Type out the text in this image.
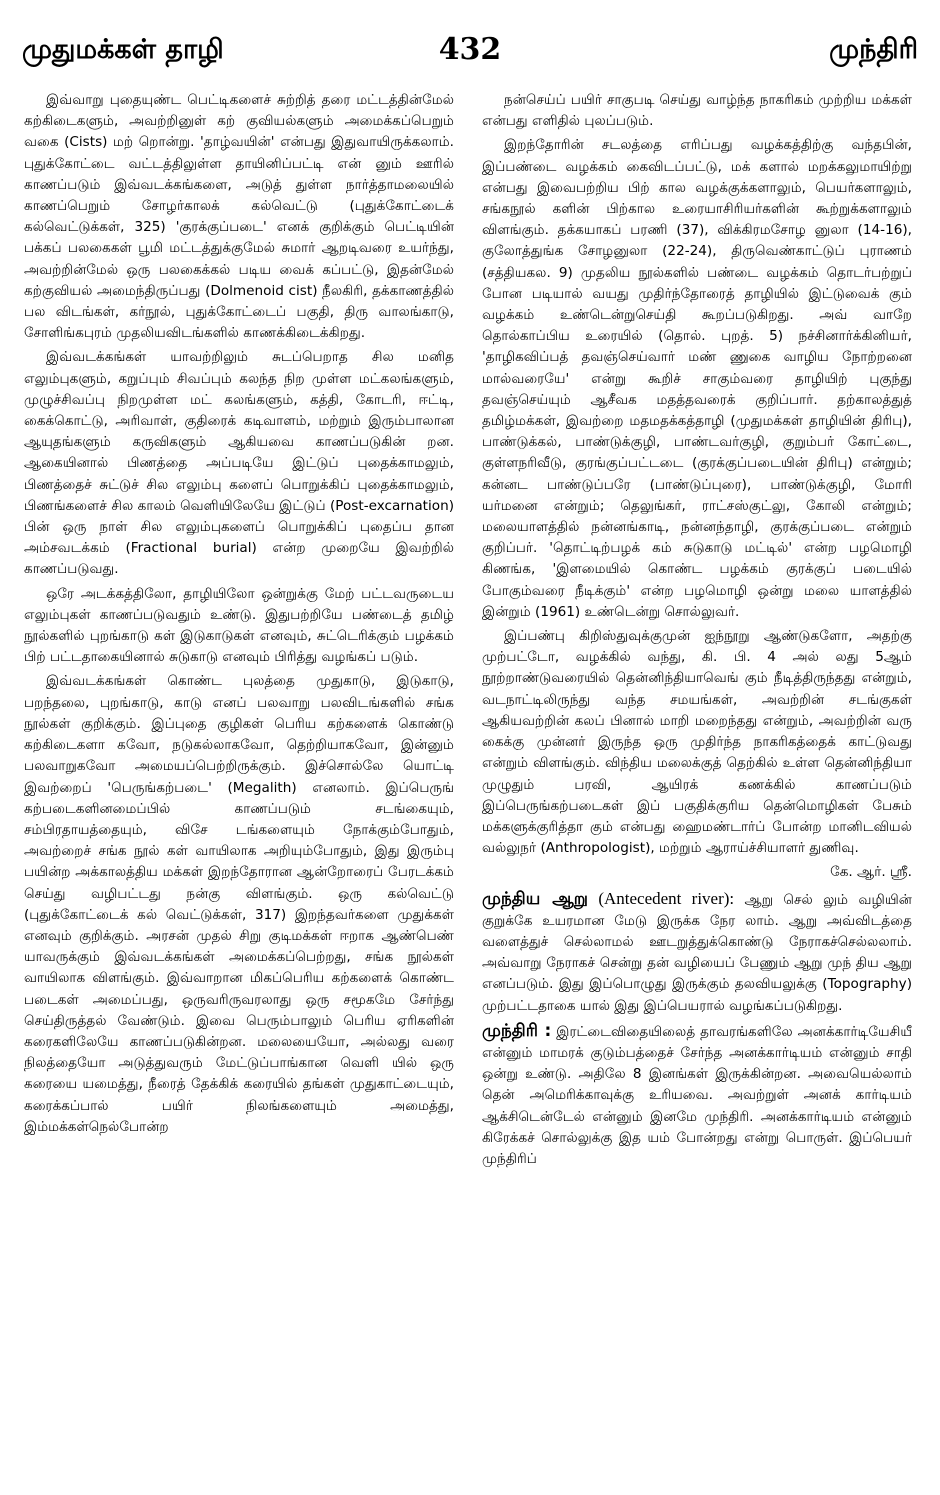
முதுமக்கள் தாழி	432	முந்திரி

இவ்வாறு புதையுண்ட பெட்டிகளைச் சுற்றித் தரை மட்டத்தின்மேல் கற்கிடைகளும், அவற்றினுள் கற் குவியல்களும் அமைக்கப்பெறும் வகை (Cists) மற் றொன்று. 'தாழ்வயின்' என்பது இதுவாயிருக்கலாம். புதுக்கோட்டை வட்டத்திலுள்ள தாயினிப்பட்டி என் னும் ஊரில் காணப்படும் இவ்வடக்கங்களை, அடுத் துள்ள நார்த்தாமலையில் காணப்பெறும் சோழர்காலக் கல்வெட்டு (புதுக்கோட்டைக் கல்வெட்டுக்கள், 325) 'குரக்குப்படை' எனக் குறிக்கும் பெட்டியின் பக்கப் பலகைகள் பூமி மட்டத்துக்குமேல் சுமார் ஆறடிவரை உயர்ந்து, அவற்றின்மேல் ஒரு பலகைக்கல் படிய வைக் கப்பட்டு, இதன்மேல் கற்குவியல் அமைந்திருப்பது (Dolmenoid cist) நீலகிரி, தக்காணத்தில் பல விடங்கள், கர்நூல், புதுக்கோட்டைப் பகுதி, திரு வாலங்காடு, சோளிங்கபுரம் முதலியவிடங்களில் காணக்கிடைக்கிறது.

இவ்வடக்கங்கள் யாவற்றிலும் சுடப்பெறாத சில மனித எலும்புகளும், கறுப்பும் சிவப்பும் கலந்த நிற முள்ள மட்கலங்களும், முழுச்சிவப்பு நிறமுள்ள மட் கலங்களும், கத்தி, கோடரி, ஈட்டி, கைக்கொட்டு, அரிவாள், குதிரைக் கடிவாளம், மற்றும் இரும்பாலான ஆயுதங்களும் கருவிகளும் ஆகியவை காணப்படுகின் றன. ஆகையினால் பிணத்தை அப்படியே இட்டுப் புதைக்காமலும், பிணத்தைச் சுட்டுச் சில எலும்பு களைப் பொறுக்கிப் புதைக்காமலும், பிணங்களைச் சில காலம் வெளியிலேயே இட்டுப் (Post-excarnation) பின் ஒரு நாள் சில எலும்புகளைப் பொறுக்கிப் புதைப்ப தான அம்சவடக்கம் (Fractional burial) என்ற முறையே இவற்றில் காணப்படுவது.

ஒரே அடக்கத்திலோ, தாழியிலோ ஒன்றுக்கு மேற் பட்டவருடைய எலும்புகள் காணப்படுவதும் உண்டு. இதுபற்றியே பண்டைத் தமிழ் நூல்களில் புறங்காடு கள் இடுகாடுகள் எனவும், சுட்டெரிக்கும் பழக்கம் பிற் பட்டதாகையினால் சுடுகாடு எனவும் பிரித்து வழங்கப் படும்.

இவ்வடக்கங்கள் கொண்ட புலத்தை முதுகாடு, இடுகாடு, பறந்தலை, புறங்காடு, காடு எனப் பலவாறு பலவிடங்களில் சங்க நூல்கள் குறிக்கும். இப்புதை குழிகள் பெரிய கற்களைக் கொண்டு கற்கிடைகளா கவோ, நடுகல்லாகவோ, தெற்றியாகவோ, இன்னும் பலவாறுகவோ அமையப்பெற்றிருக்கும். இச்சொல்லே யொட்டி இவற்றைப் 'பெருங்கற்படை' (Megalith) எனலாம். இப்பெருங் கற்படைகளினமைப்பில் காணப்படும் சடங்கையும், சம்பிரதாயத்தையும், விசே டங்களையும் நோக்கும்போதும், அவற்றைச் சங்க நூல் கள் வாயிலாக அறியும்போதும், இது இரும்பு பயின்ற அக்காலத்திய மக்கள் இறந்தோரான ஆன்றோரைப் பேரடக்கம் செய்து வழிபட்டது நன்கு விளங்கும். ஒரு கல்வெட்டு (புதுக்கோட்டைக் கல் வெட்டுக்கள், 317) இறந்தவர்களை முதுக்கள் எனவும் குறிக்கும். அரசன் முதல் சிறு குடிமக்கள் ஈறாக ஆண்பெண் யாவருக்கும் இவ்வடக்கங்கள் அமைக்கப்பெற்றது, சங்க நூல்கள் வாயிலாக விளங்கும். இவ்வாறான மிகப்பெரிய கற்களைக் கொண்ட படைகள் அமைப்பது, ஒருவரிருவரலாது ஒரு சமூகமே சேர்ந்து செய்திருத்தல் வேண்டும். இவை பெரும்பாலும் பெரிய ஏரிகளின் கரைகளிலேயே காணப்படுகின்றன. மலையையோ, அல்லது வரை நிலத்தையோ அடுத்துவரும் மேட்டுப்பாங்கான வெளி யில் ஒரு கரையை யமைத்து, நீரைத் தேக்கிக் கரையில் தங்கள் முதுகாட்டையும், கரைக்கப்பால் பயிர் நிலங்களையும் அமைத்து, இம்மக்கள்நெல்போன்ற

நன்செய்ப் பயிர் சாகுபடி செய்து வாழ்ந்த நாகரிகம் முற்றிய மக்கள் என்பது எளிதில் புலப்படும்.

இறந்தோரின் சடலத்தை எரிப்பது வழக்கத்திற்கு வந்தபின், இப்பண்டை வழக்கம் கைவிடப்பட்டு, மக் களால் மறக்கலுமாயிற்று என்பது இவைபற்றிய பிற் கால வழக்குக்களாலும், பெயர்களாலும், சங்கநூல் களின் பிற்கால உரையாசிரியர்களின் கூற்றுக்களாலும் விளங்கும். தக்கயாகப் பரணி (37), விக்கிரமசோழ னுலா (14-16), குலோத்துங்க சோழனுலா (22-24), திருவெண்காட்டுப் புராணம் (சத்தியகல. 9) முதலிய நூல்களில் பண்டை வழக்கம் தொடர்பற்றுப் போன படியால் வயது முதிர்ந்தோரைத் தாழியில் இட்டுவைக் கும் வழக்கம் உண்டென்றுசெய்தி கூறப்படுகிறது. அவ் வாறே தொல்காப்பிய உரையில் (தொல். புறத். 5) நச்சினார்க்கினியர், 'தாழிகவிப்பத் தவஞ்செய்வார் மண் ணுகை வாழிய நோற்றனை மால்வரையே' என்று கூறிச் சாகும்வரை தாழியிற் புகுந்து தவஞ்செய்யும் ஆசீவக மதத்தவரைக் குறிப்பார். தற்காலத்துத் தமிழ்மக்கள், இவற்றை மதமதக்கத்தாழி (முதுமக்கள் தாழியின் திரிபு), பாண்டுக்கல், பாண்டுக்குழி, பாண்டவர்குழி, குறும்பர் கோட்டை, குள்ளநரிவீடு, குரங்குப்பட்டடை (குரக்குப்படையின் திரிபு) என்றும்; கன்னட பாண்டுப்பரே (பாண்டுப்புரை), பாண்டுக்குழி, மோரி யர்மனை என்றும்; தெலுங்கர், ராட்சஸ்குட்லு, கோலி என்றும்; மலையாளத்தில் நன்னங்காடி, நன்னந்தாழி, குரக்குப்படை என்றும் குறிப்பர். 'தொட்டிற்பழக் கம் சுடுகாடு மட்டில்' என்ற பழமொழி கிணங்க, 'இளமையில் கொண்ட பழக்கம் குரக்குப் படையில் போகும்வரை நீடிக்கும்' என்ற பழமொழி ஒன்று மலை யாளத்தில் இன்றும் (1961) உண்டென்று சொல்லுவர்.

இப்பண்பு கிறிஸ்துவுக்குமுன் ஐந்நூறு ஆண்டுகளோ, அதற்கு முற்பட்டோ, வழக்கில் வந்து, கி. பி. 4 அல் லது 5ஆம் நூற்றாண்டுவரையில் தென்னிந்தியாவெங் கும் நீடித்திருந்தது என்றும், வடநாட்டிலிருந்து வந்த சமயங்கள், அவற்றின் சடங்குகள் ஆகியவற்றின் கலப் பினால் மாறி மறைந்தது என்றும், அவற்றின் வரு கைக்கு முன்னர் இருந்த ஒரு முதிர்ந்த நாகரிகத்தைக் காட்டுவது என்றும் விளங்கும். விந்திய மலைக்குத் தெற்கில் உள்ள தென்னிந்தியா முழுதும் பரவி, ஆயிரக் கணக்கில் காணப்படும் இப்பெருங்கற்படைகள் இப் பகுதிக்குரிய தென்மொழிகள் பேசும் மக்களுக்குரித்தா கும் என்பது ஹைமண்டார்ப் போன்ற மானிடவியல் வல்லுநர் (Anthropologist), மற்றும் ஆராய்ச்சியாளர் துணிவு.

கே. ஆர். ஸ்ரீ.

முந்திய ஆறு (Antecedent river): ஆறு செல் லும் வழியின் குறுக்கே உயரமான மேடு இருக்க நேர லாம். ஆறு அவ்விடத்தை வளைத்துச் செல்லாமல் ஊடறுத்துக்கொண்டு நேராகச்செல்லலாம். அவ்வாறு நேராகச் சென்று தன் வழியைப் பேணும் ஆறு முந் திய ஆறு எனப்படும். இது இப்பொழுது இருக்கும் தலவியலுக்கு (Topography) முற்பட்டதாகை யால் இது இப்பெயரால் வழங்கப்படுகிறது.

முந்திரி : இரட்டைவிதையிலைத் தாவரங்களிலே அனக்கார்டியேசியீ என்னும் மாமரக் குடும்பத்தைச் சேர்ந்த அனக்கார்டியம் என்னும் சாதி ஒன்று உண்டு. அதிலே 8 இனங்கள் இருக்கின்றன. அவையெல்லாம் தென் அமெரிக்காவுக்கு உரியவை. அவற்றுள் அனக் கார்டியம் ஆக்சிடென்டேல் என்னும் இனமே முந்திரி. அனக்கார்டியம் என்னும் கிரேக்கச் சொல்லுக்கு இத யம் போன்றது என்று பொருள். இப்பெயர் முந்திரிப்
